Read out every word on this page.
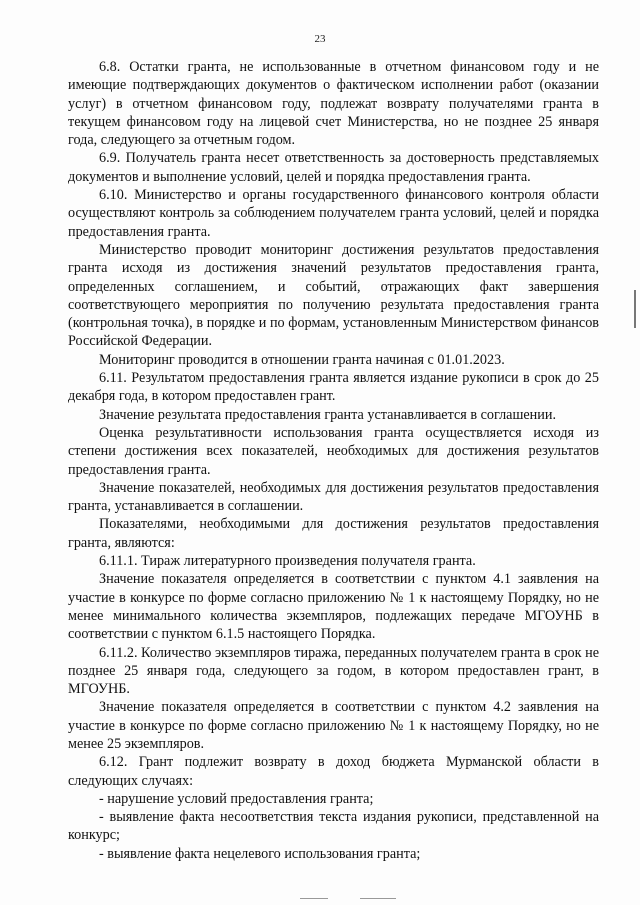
23

6.8. Остатки гранта, не использованные в отчетном финансовом году и не имеющие подтверждающих документов о фактическом исполнении работ (оказании услуг) в отчетном финансовом году, подлежат возврату получателями гранта в текущем финансовом году на лицевой счет Министерства, но не позднее 25 января года, следующего за отчетным годом.

6.9. Получатель гранта несет ответственность за достоверность представляемых документов и выполнение условий, целей и порядка предоставления гранта.

6.10. Министерство и органы государственного финансового контроля области осуществляют контроль за соблюдением получателем гранта условий, целей и порядка предоставления гранта.

Министерство проводит мониторинг достижения результатов предоставления гранта исходя из достижения значений результатов предоставления гранта, определенных соглашением, и событий, отражающих факт завершения соответствующего мероприятия по получению результата предоставления гранта (контрольная точка), в порядке и по формам, установленным Министерством финансов Российской Федерации.

Мониторинг проводится в отношении гранта начиная с 01.01.2023.

6.11. Результатом предоставления гранта является издание рукописи в срок до 25 декабря года, в котором предоставлен грант.

Значение результата предоставления гранта устанавливается в соглашении.

Оценка результативности использования гранта осуществляется исходя из степени достижения всех показателей, необходимых для достижения результатов предоставления гранта.

Значение показателей, необходимых для достижения результатов предоставления гранта, устанавливается в соглашении.

Показателями, необходимыми для достижения результатов предоставления гранта, являются:

6.11.1. Тираж литературного произведения получателя гранта.

Значение показателя определяется в соответствии с пунктом 4.1 заявления на участие в конкурсе по форме согласно приложению № 1 к настоящему Порядку, но не менее минимального количества экземпляров, подлежащих передаче МГОУНБ в соответствии с пунктом 6.1.5 настоящего Порядка.

6.11.2. Количество экземпляров тиража, переданных получателем гранта в срок не позднее 25 января года, следующего за годом, в котором предоставлен грант, в МГОУНБ.

Значение показателя определяется в соответствии с пунктом 4.2 заявления на участие в конкурсе по форме согласно приложению № 1 к настоящему Порядку, но не менее 25 экземпляров.

6.12. Грант подлежит возврату в доход бюджета Мурманской области в следующих случаях:

- нарушение условий предоставления гранта;

- выявление факта несоответствия текста издания рукописи, представленной на конкурс;

- выявление факта нецелевого использования гранта;
